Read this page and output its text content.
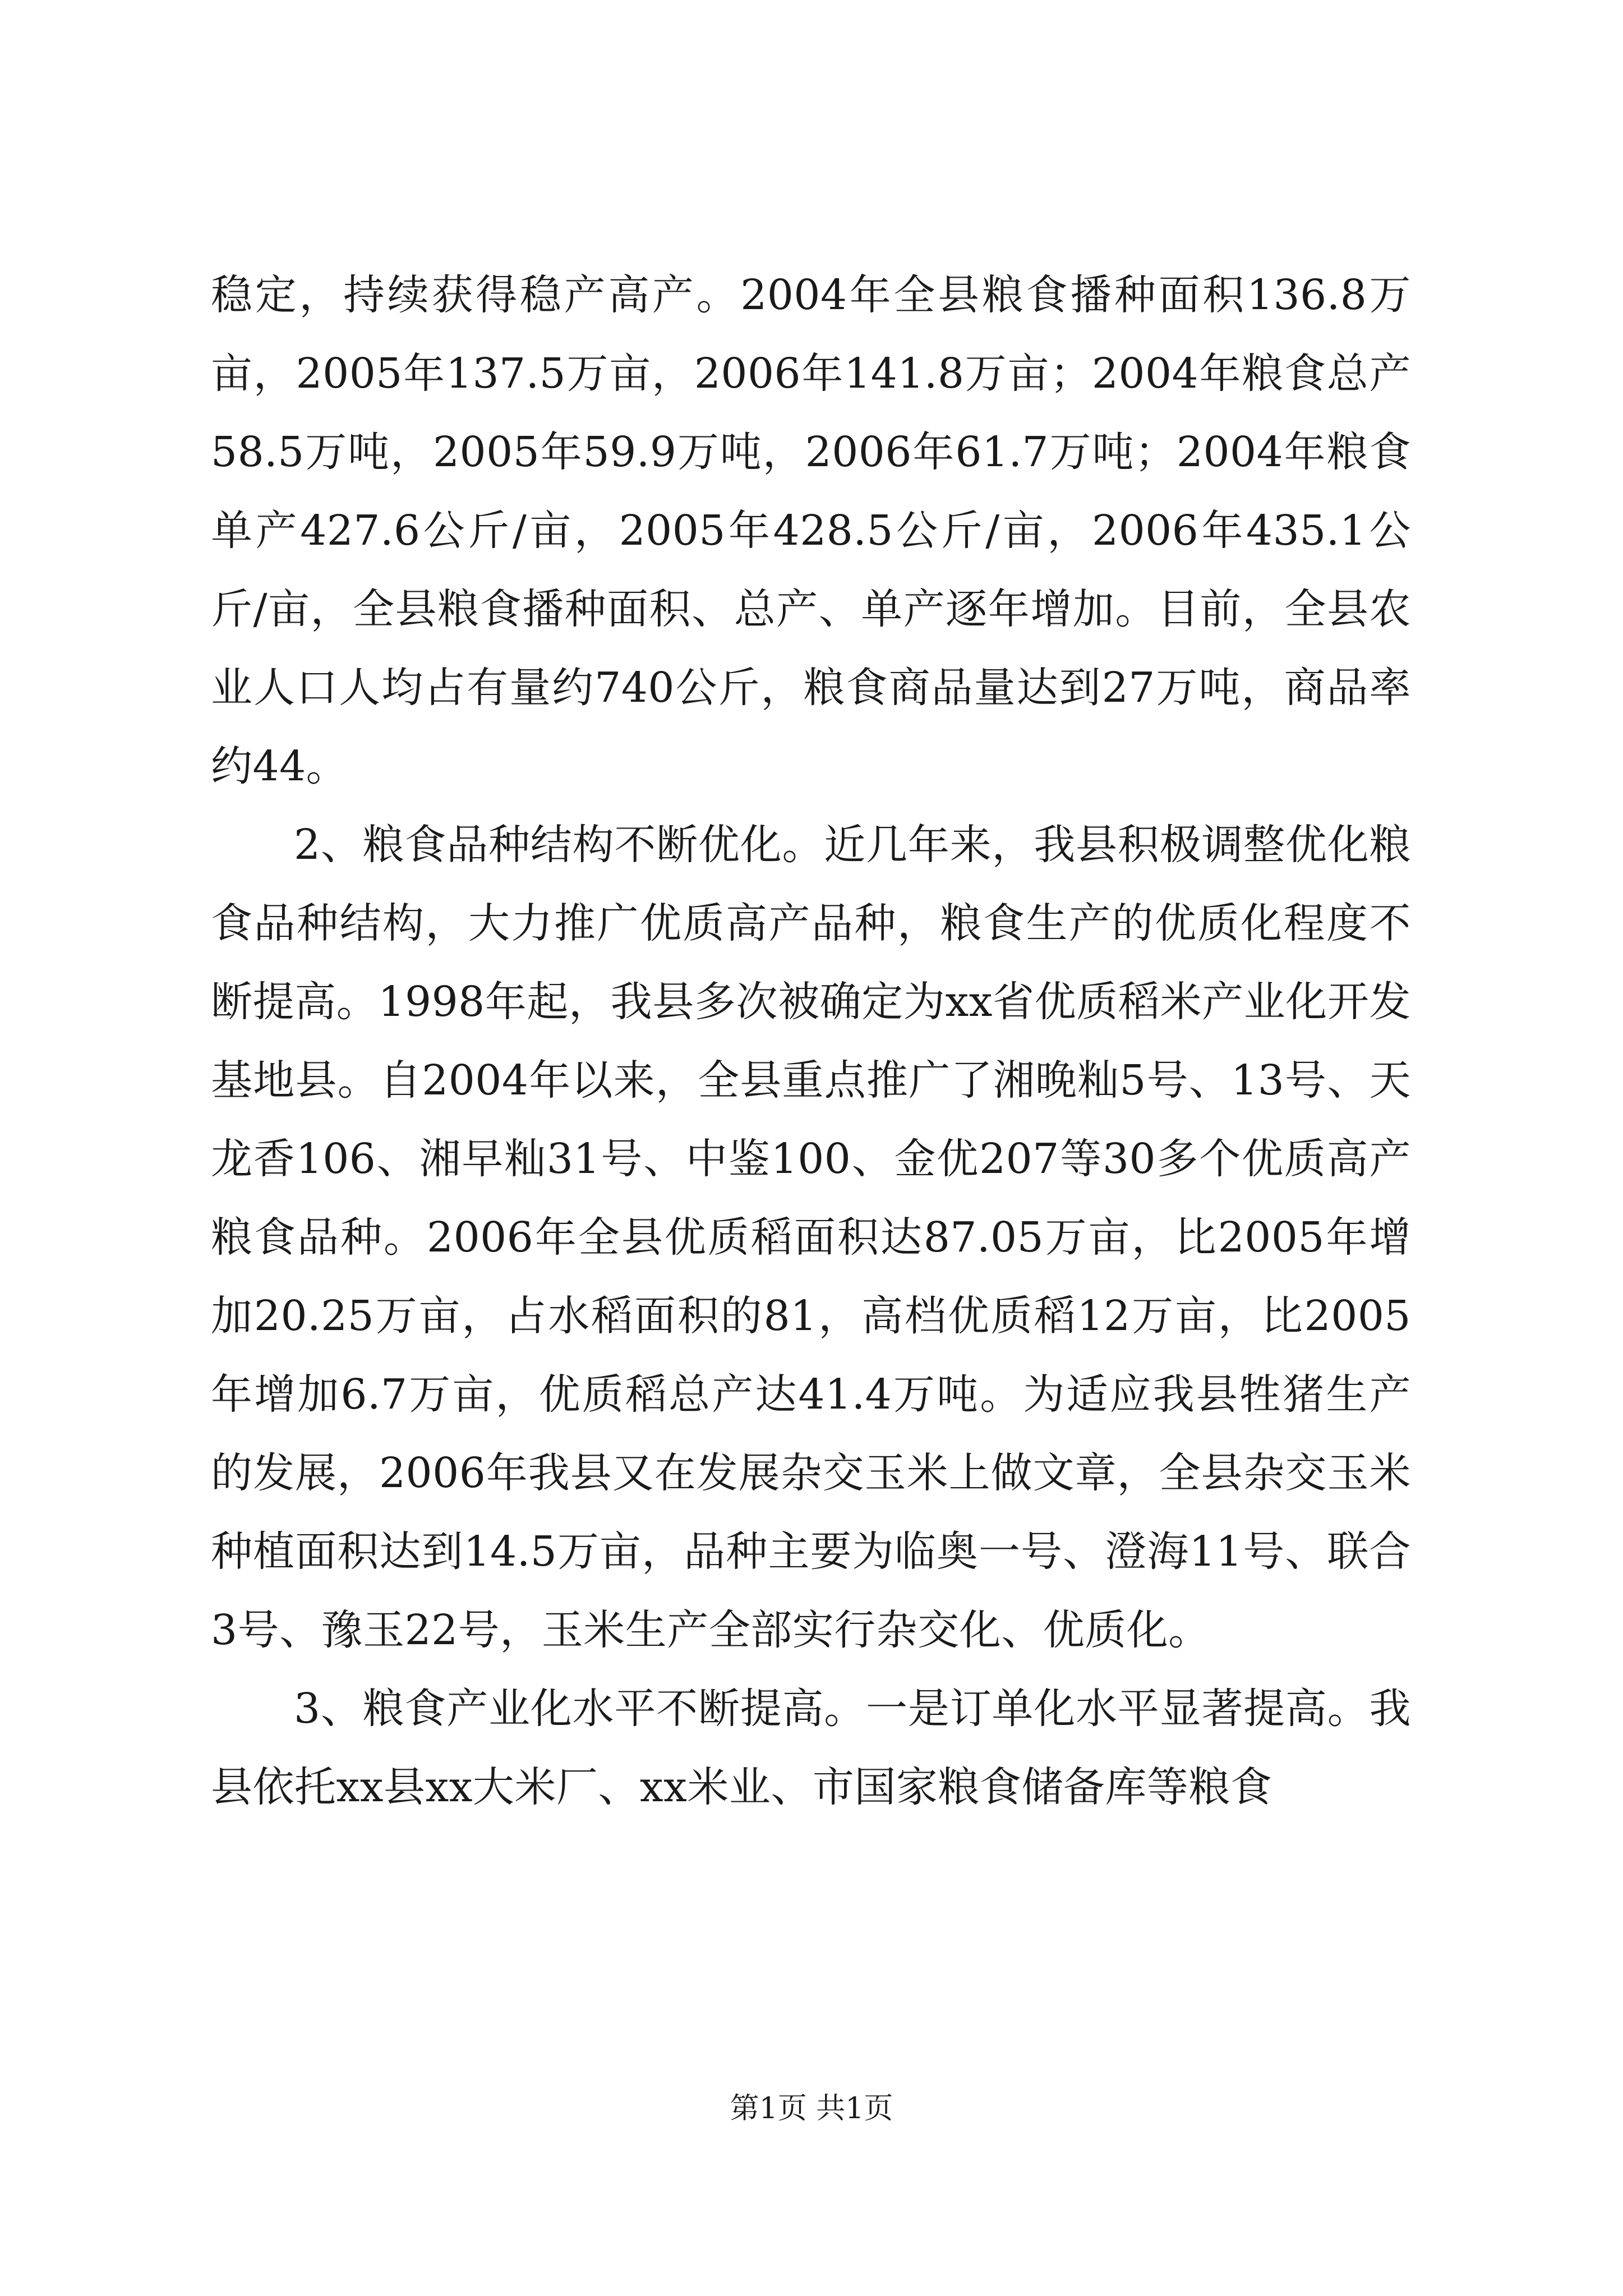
稳定，持续获得稳产高产。2004年全县粮食播种面积136.8万亩，2005年137.5万亩，2006年141.8万亩；2004年粮食总产58.5万吨，2005年59.9万吨，2006年61.7万吨；2004年粮食单产427.6公斤/亩，2005年428.5公斤/亩，2006年435.1公斤/亩，全县粮食播种面积、总产、单产逐年增加。目前，全县农业人口人均占有量约740公斤，粮食商品量达到27万吨，商品率约44。

2、粮食品种结构不断优化。近几年来，我县积极调整优化粮食品种结构，大力推广优质高产品种，粮食生产的优质化程度不断提高。1998年起，我县多次被确定为xx省优质稻米产业化开发基地县。自2004年以来，全县重点推广了湘晚籼5号、13号、天龙香106、湘早籼31号、中鉴100、金优207等30多个优质高产粮食品种。2006年全县优质稻面积达87.05万亩，比2005年增加20.25万亩，占水稻面积的81，高档优质稻12万亩，比2005年增加6.7万亩，优质稻总产达41.4万吨。为适应我县牲猪生产的发展，2006年我县又在发展杂交玉米上做文章，全县杂交玉米种植面积达到14.5万亩，品种主要为临奥一号、澄海11号、联合3号、豫玉22号，玉米生产全部实行杂交化、优质化。

3、粮食产业化水平不断提高。一是订单化水平显著提高。我县依托xx县xx大米厂、xx米业、市国家粮食储备库等粮食

第1页 共1页
